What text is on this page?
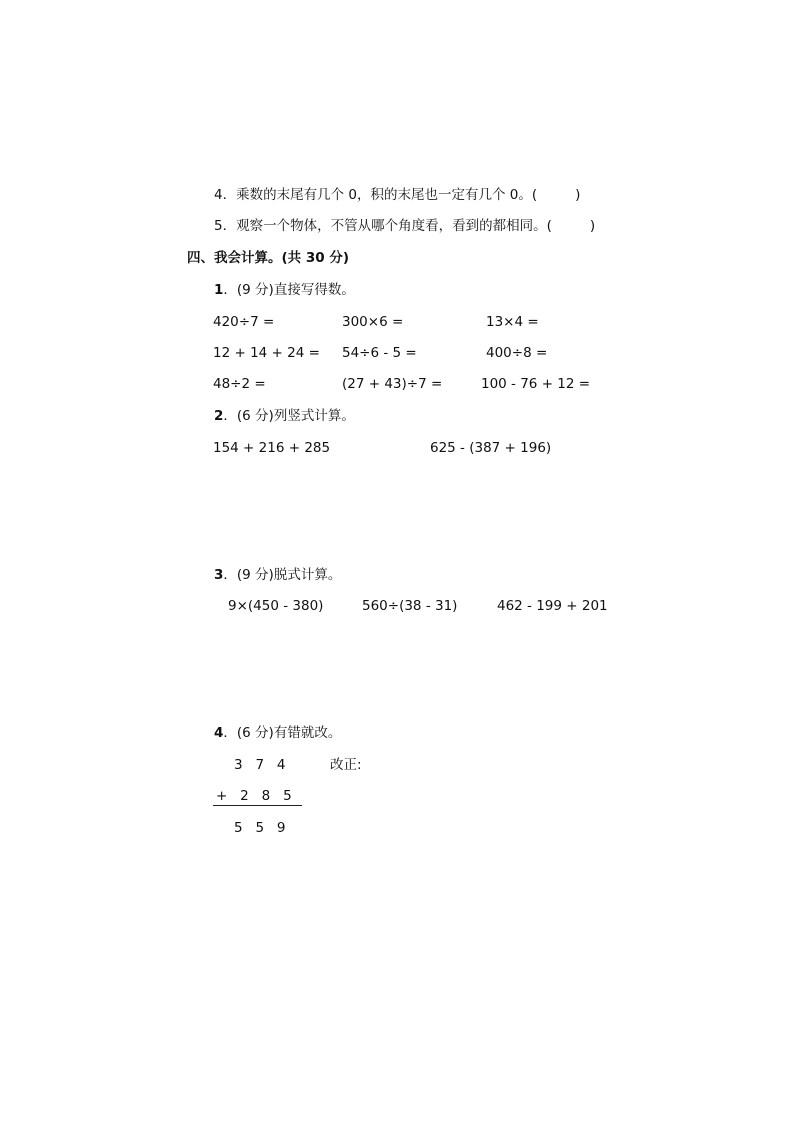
4．乘数的末尾有几个 0，积的末尾也一定有几个 0。(	)
5．观察一个物体，不管从哪个角度看，看到的都相同。(	)
四、我会计算。(共 30 分)
1．(9 分)直接写得数。
420÷7 =	300×6 =	13×4 =
12 + 14 + 24 = 54÷6 - 5 =	400÷8 =
48÷2 =	(27 + 43)÷7 =	100 - 76 + 12 =
2．(6 分)列竖式计算。
154 + 216 + 285	625 - (387 + 196)
3．(9 分)脱式计算。
9×(450 - 380)	560÷(38 - 31)	462 - 199 + 201
4．(6 分)有错就改。
3   7   4	改正:
+   2   8   5
5   5   9
